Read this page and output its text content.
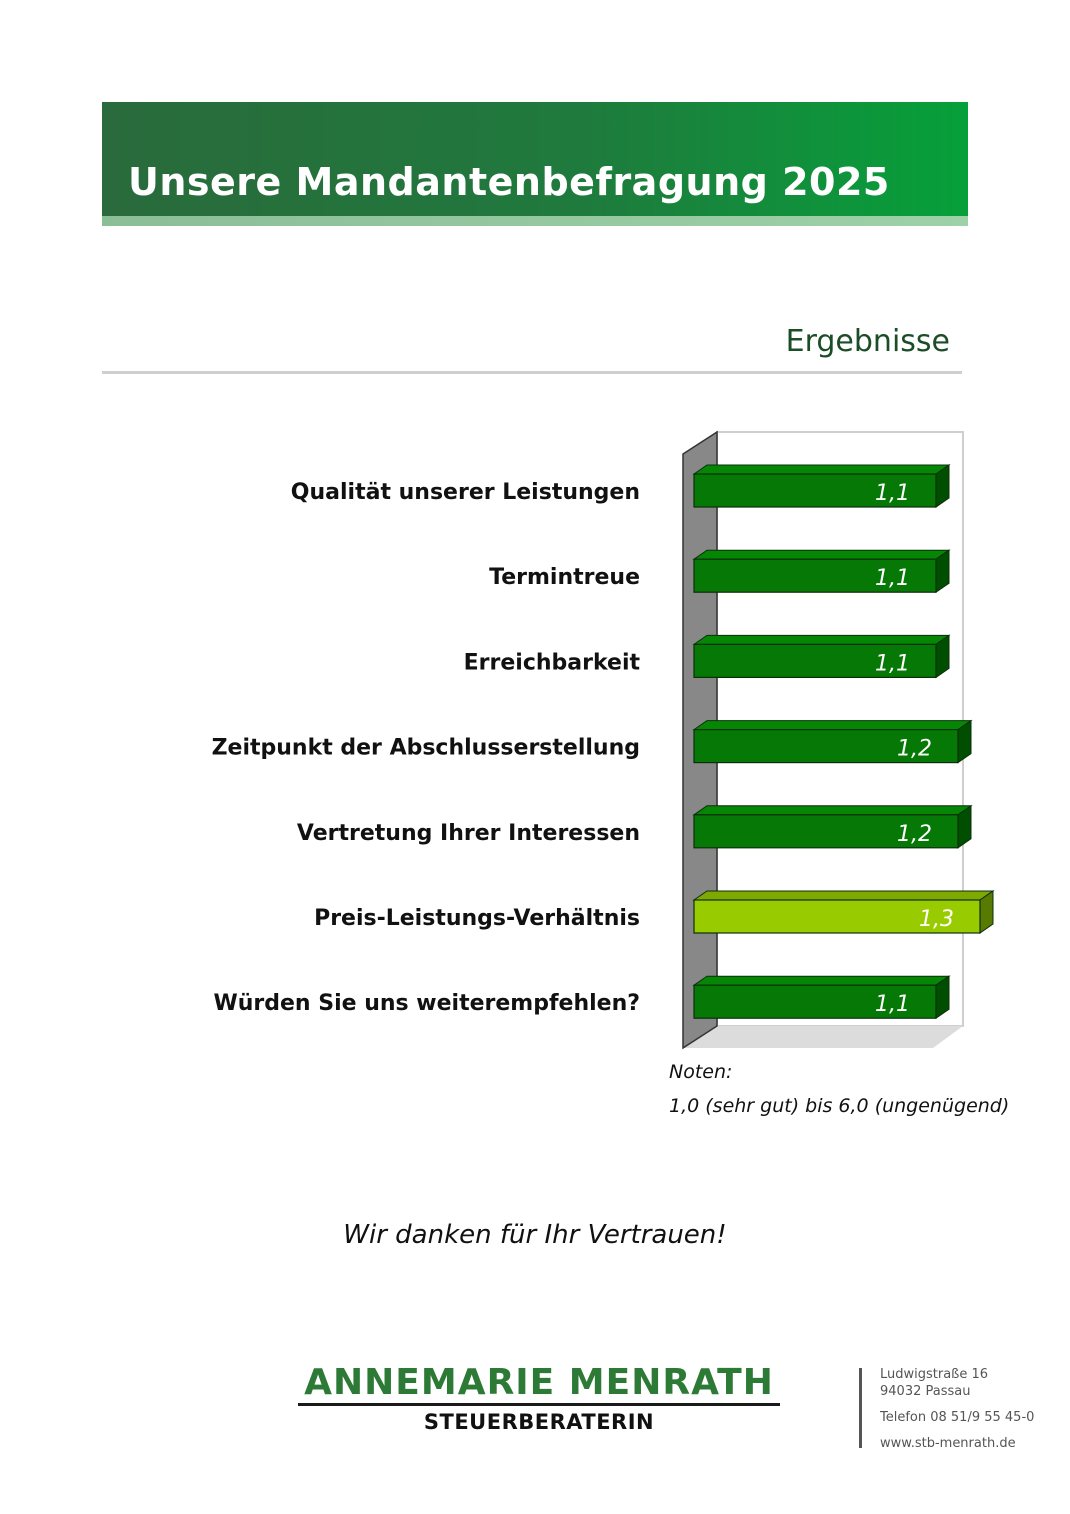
Unsere Mandantenbefragung 2025
Ergebnisse
1,1
1,1
1,1
1,2
1,2
1,3
1,1
Qualität unserer Leistungen
Termintreue
Erreichbarkeit
Zeitpunkt der Abschlusserstellung
Vertretung Ihrer Interessen
Preis-Leistungs-Verhältnis
Würden Sie uns weiterempfehlen?
Noten:
1,0 (sehr gut) bis 6,0 (ungenügend)
Wir danken für Ihr Vertrauen!
ANNEMARIE MENRATH
STEUERBERATERIN
Ludwigstraße 16
94032 Passau
Telefon 08 51/9 55 45-0
www.stb-menrath.de
